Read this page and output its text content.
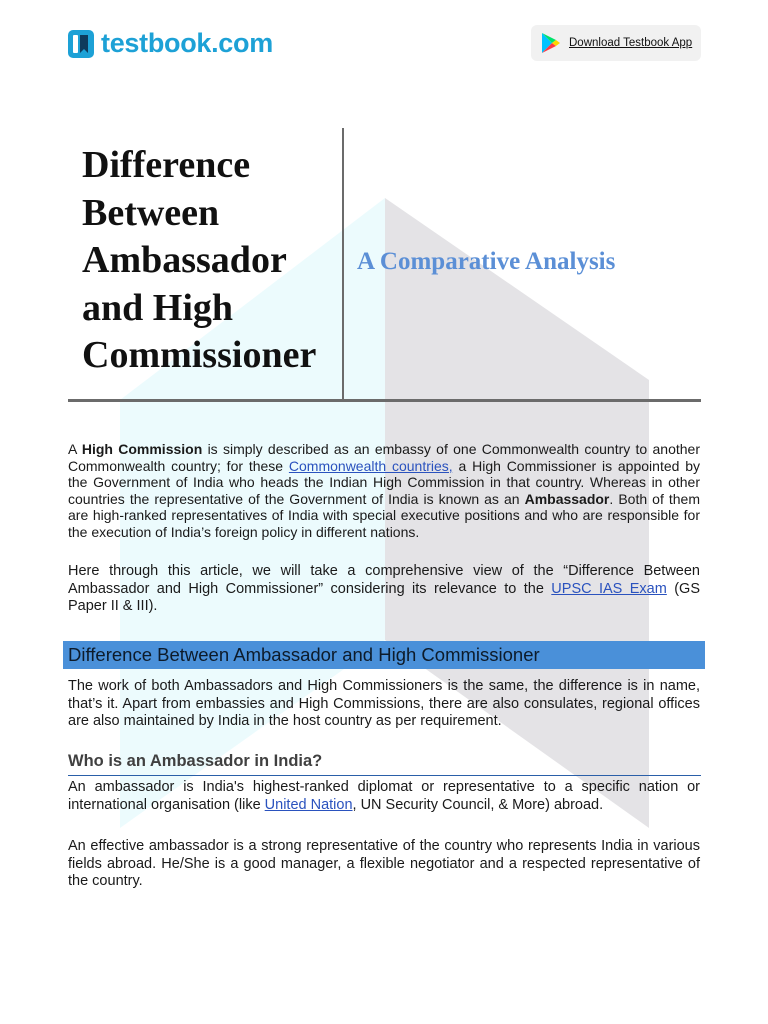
testbook.com	Download Testbook App
Difference
Between
Ambassador
and High
Commissioner
A Comparative Analysis

A High Commission is simply described as an embassy of one Commonwealth country to another Commonwealth country; for these Commonwealth countries, a High Commissioner is appointed by the Government of India who heads the Indian High Commission in that country. Whereas in other countries the representative of the Government of India is known as an Ambassador. Both of them are high-ranked representatives of India with special executive positions and who are responsible for the execution of India’s foreign policy in different nations.

Here through this article, we will take a comprehensive view of the “Difference Between Ambassador and High Commissioner” considering its relevance to the UPSC IAS Exam (GS Paper II & III).

Difference Between Ambassador and High Commissioner

The work of both Ambassadors and High Commissioners is the same, the difference is in name, that’s it. Apart from embassies and High Commissions, there are also consulates, regional offices are also maintained by India in the host country as per requirement.

Who is an Ambassador in India?

An ambassador is India's highest-ranked diplomat or representative to a specific nation or international organisation (like United Nation, UN Security Council, & More) abroad.

An effective ambassador is a strong representative of the country who represents India in various fields abroad. He/She is a good manager, a flexible negotiator and a respected representative of the country.
